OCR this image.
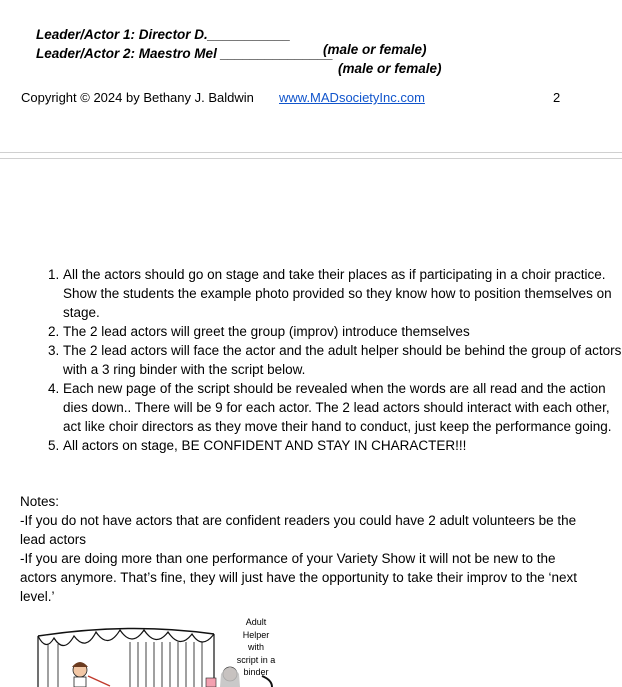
Leader/Actor 1: Director D.___________

(male or female)

Leader/Actor 2: Maestro Mel _______________

(male or female)

Copyright © 2024 by Bethany J. Baldwin www.MADsocietyInc.com	2
1. All the actors should go on stage and take their places as if participating in a choir practice. Show the students the example photo provided so they know how to position themselves on stage.
2. The 2 lead actors will greet the group (improv) introduce themselves
3. The 2 lead actors will face the actor and the adult helper should be behind the group of actors with a 3 ring binder with the script below.
4. Each new page of the script should be revealed when the words are all read and the action dies down.. There will be 9 for each actor. The 2 lead actors should interact with each other, act like choir directors as they move their hand to conduct, just keep the performance going.
5. All actors on stage, BE CONFIDENT AND STAY IN CHARACTER!!!

Notes:

-If you do not have actors that are confident readers you could have 2 adult volunteers be the lead actors

-If you are doing more than one performance of your Variety Show it will not be new to the actors anymore. That’s fine, they will just have the opportunity to take their improv to the ‘next level.’

Adult
Helper
with
script in a
binder
